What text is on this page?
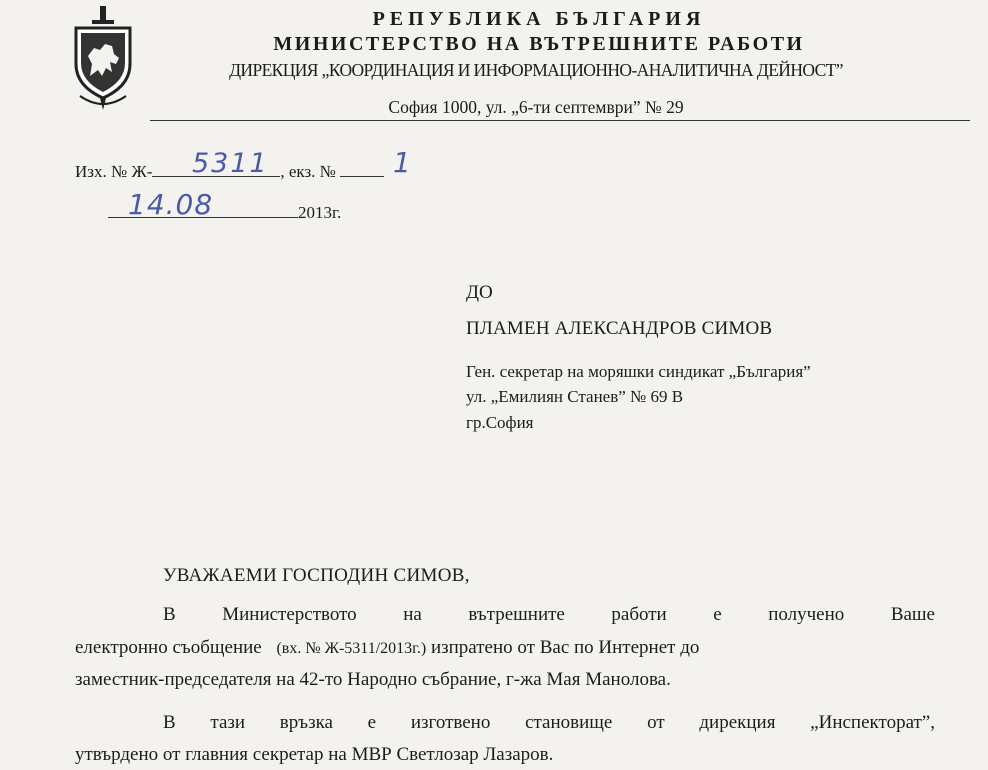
РЕПУБЛИКА БЪЛГАРИЯ
МИНИСТЕРСТВО НА ВЪТРЕШНИТЕ РАБОТИ
ДИРЕКЦИЯ „КООРДИНАЦИЯ И ИНФОРМАЦИОННО-АНАЛИТИЧНА ДЕЙНОСТ”
София 1000, ул. „6-ти септември” № 29
Изх. № Ж-	, екз. №
5311	1
2013г.
14.08
ДО
ПЛАМЕН АЛЕКСАНДРОВ СИМОВ
Ген. секретар на моряшки синдикат „България”
ул. „Емилиян Станев” № 69 В
гр.София
УВАЖАЕМИ ГОСПОДИН СИМОВ,
В Министерството на вътрешните работи е получено Ваше
електронно съобщение (вх. № Ж-5311/2013г.) изпратено от Вас по Интернет до
заместник-председателя на 42-то Народно събрание, г-жа Мая Манолова.
В тази връзка е изготвено становище от дирекция „Инспекторат”,
утвърдено от главния секретар на МВР Светлозар Лазаров.
